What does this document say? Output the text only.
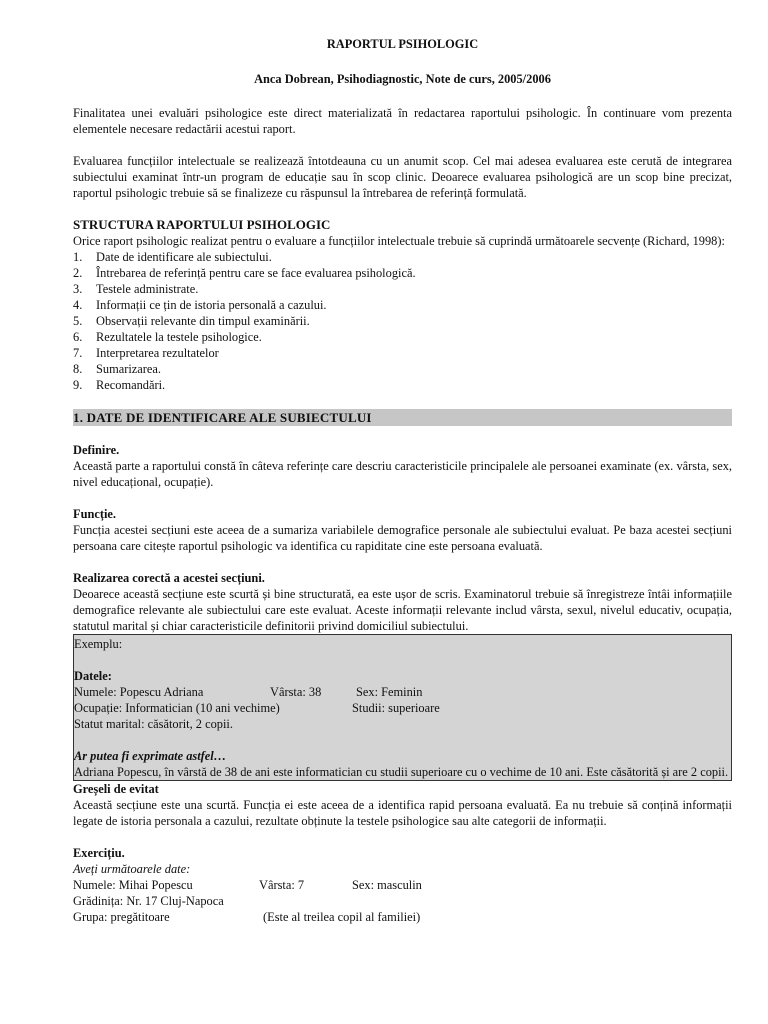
RAPORTUL PSIHOLOGIC
Anca Dobrean, Psihodiagnostic, Note de curs, 2005/2006

Finalitatea unei evaluări psihologice este direct materializată în redactarea raportului psihologic. În continuare vom prezenta elementele necesare redactării acestui raport.

Evaluarea funcțiilor intelectuale se realizează întotdeauna cu un anumit scop. Cel mai adesea evaluarea este cerută de integrarea subiectului examinat într-un program de educație sau în scop clinic. Deoarece evaluarea psihologică are un scop bine precizat, raportul psihologic trebuie să se finalizeze cu răspunsul la întrebarea de referință formulată.

STRUCTURA RAPORTULUI PSIHOLOGIC

Orice raport psihologic realizat pentru o evaluare a funcțiilor intelectuale trebuie să cuprindă următoarele secvențe (Richard, 1998):

1.	Date de identificare ale subiectului.
2.	Întrebarea de referință pentru care se face evaluarea psihologică.
3.	Testele administrate.
4.	Informații ce țin de istoria personală a cazului.
5.	Observații relevante din timpul examinării.
6.	Rezultatele la testele psihologice.
7.	Interpretarea rezultatelor
8.	Sumarizarea.
9.	Recomandări.
1. DATE DE IDENTIFICARE ALE SUBIECTULUI
Definire.

Această parte a raportului constă în câteva referințe care descriu caracteristicile principalele ale persoanei examinate (ex. vârsta, sex, nivel educațional, ocupație).

Funcție.

Funcția acestei secțiuni este aceea de a sumariza variabilele demografice personale ale subiectului evaluat. Pe baza acestei secțiuni persoana care citește raportul psihologic va identifica cu rapiditate cine este persoana evaluată.

Realizarea corectă a acestei secțiuni.

Deoarece această secțiune este scurtă și bine structurată, ea este ușor de scris. Examinatorul trebuie să înregistreze întâi informațiile demografice relevante ale subiectului care este evaluat. Aceste informații relevante includ vârsta, sexul, nivelul educativ, ocupația, statutul marital și chiar caracteristicile definitorii privind domiciliul subiectului.

Exemplu:
Datele:
Numele: Popescu Adriana	Vârsta: 38	Sex: Feminin
Ocupație: Informatician (10 ani vechime)	Studii: superioare
Statut marital: căsătorit, 2 copii.
Ar putea fi exprimate astfel…
Adriana Popescu, în vârstă de 38 de ani este informatician cu studii superioare cu o vechime de 10 ani. Este căsătorită și are 2 copii.
Greșeli de evitat

Această secțiune este una scurtă. Funcția ei este aceea de a identifica rapid persoana evaluată. Ea nu trebuie să conțină informații legate de istoria personala a cazului, rezultate obținute la testele psihologice sau alte categorii de informații.

Exercițiu.
Aveți următoarele date:
Numele: Mihai Popescu	Vârsta: 7	Sex: masculin
Grădinița: Nr. 17 Cluj-Napoca
Grupa: pregătitoare	(Este al treilea copil al familiei)
